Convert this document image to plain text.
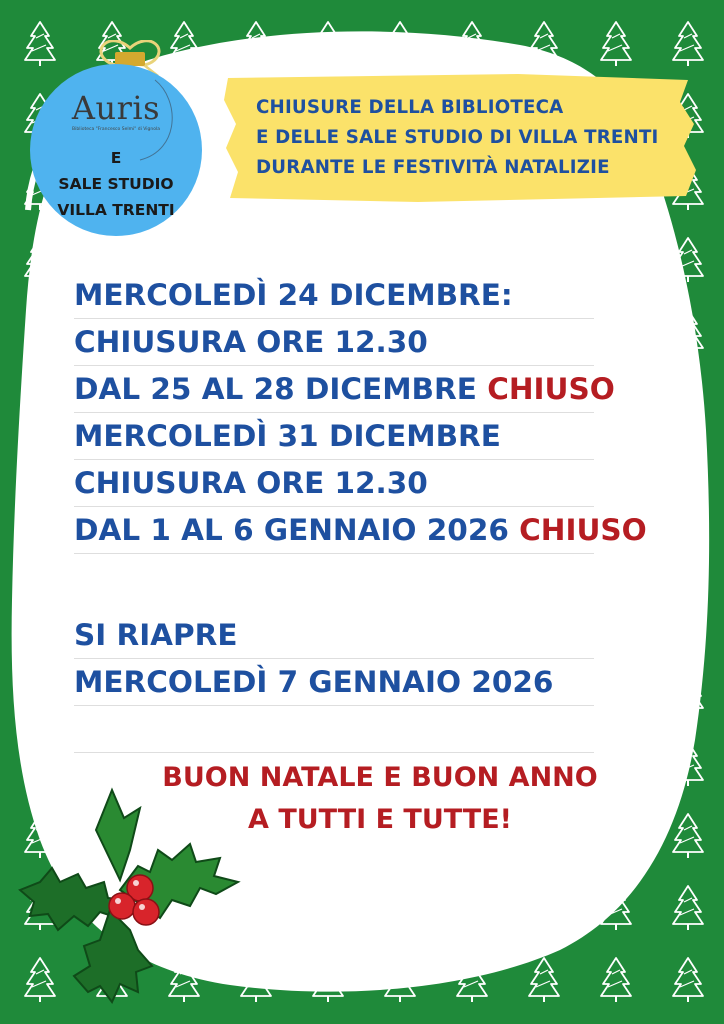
Auris
Biblioteca "Francesco Selmi" di Vignola
E
SALE STUDIO
VILLA TRENTI
CHIUSURE DELLA BIBLIOTECA
E DELLE SALE STUDIO DI VILLA TRENTI
DURANTE LE FESTIVITÀ NATALIZIE
MERCOLEDÌ 24 DICEMBRE:
CHIUSURA ORE 12.30
DAL 25 AL 28 DICEMBRE CHIUSO
MERCOLEDÌ 31 DICEMBRE
CHIUSURA ORE 12.30
DAL 1 AL 6 GENNAIO 2026 CHIUSO
SI RIAPRE
MERCOLEDÌ 7 GENNAIO 2026
BUON NATALE E BUON ANNO
A TUTTI E TUTTE!
